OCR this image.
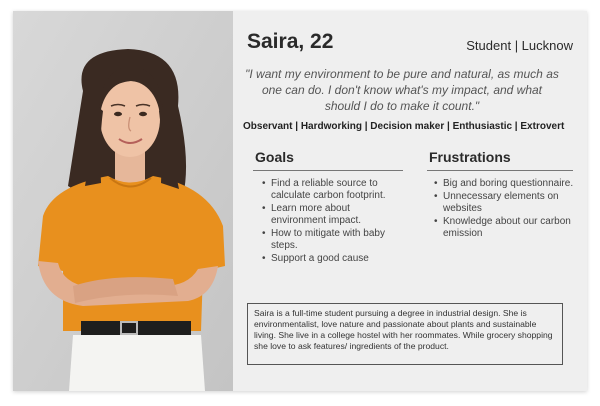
Saira, 22	Student | Lucknow
"I want my environment to be pure and natural, as much as one can do. I don't know what's my impact, and what should I do to make it count."
Observant | Hardworking | Decision maker | Enthusiastic | Extrovert
Goals
• Find a reliable source to calculate carbon footprint.
• Learn more about environment impact.
• How to mitigate with baby steps.
• Support a good cause
Frustrations
• Big and boring questionnaire.
• Unnecessary elements on websites
• Knowledge about our carbon emission
Saira is a full-time student pursuing a degree in industrial design. She is environmentalist, love nature and passionate about plants and sustainable living. She live in a college hostel with her roommates. While grocery shopping she love to ask features/ ingredients of the product.
